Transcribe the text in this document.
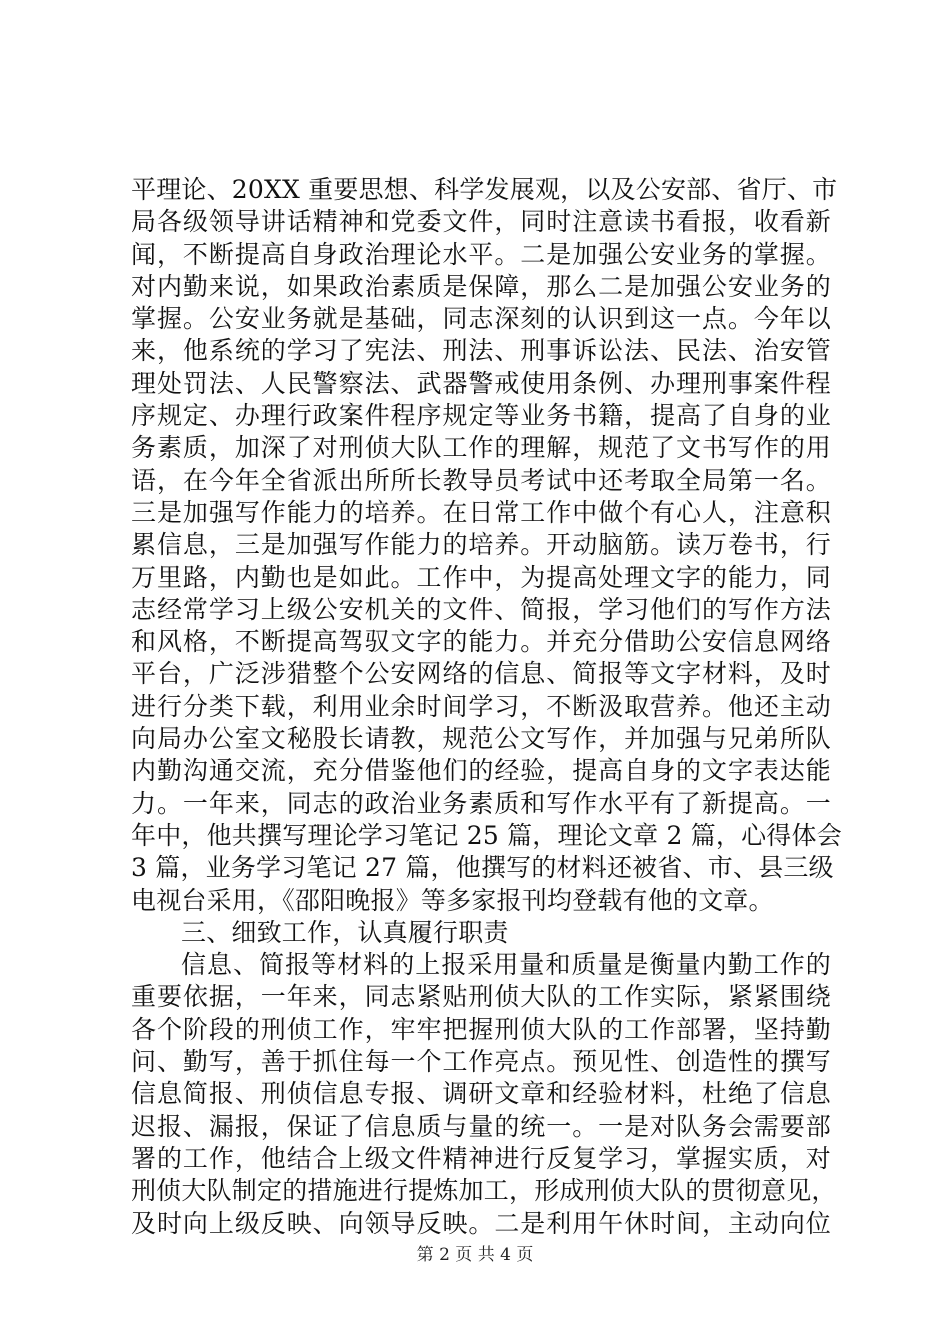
平理论、20XX 重要思想、科学发展观，以及公安部、省厅、市
局各级领导讲话精神和党委文件，同时注意读书看报，收看新
闻，不断提高自身政治理论水平。二是加强公安业务的掌握。
对内勤来说，如果政治素质是保障，那么二是加强公安业务的
掌握。公安业务就是基础，同志深刻的认识到这一点。今年以
来，他系统的学习了宪法、刑法、刑事诉讼法、民法、治安管
理处罚法、人民警察法、武器警戒使用条例、办理刑事案件程
序规定、办理行政案件程序规定等业务书籍，提高了自身的业
务素质，加深了对刑侦大队工作的理解，规范了文书写作的用
语，在今年全省派出所所长教导员考试中还考取全局第一名。
三是加强写作能力的培养。在日常工作中做个有心人，注意积
累信息，三是加强写作能力的培养。开动脑筋。读万卷书，行
万里路，内勤也是如此。工作中，为提高处理文字的能力，同
志经常学习上级公安机关的文件、简报，学习他们的写作方法
和风格，不断提高驾驭文字的能力。并充分借助公安信息网络
平台，广泛涉猎整个公安网络的信息、简报等文字材料，及时
进行分类下载，利用业余时间学习，不断汲取营养。他还主动
向局办公室文秘股长请教，规范公文写作，并加强与兄弟所队
内勤沟通交流，充分借鉴他们的经验，提高自身的文字表达能
力。一年来，同志的政治业务素质和写作水平有了新提高。一
年中，他共撰写理论学习笔记 25 篇，理论文章 2 篇，心得体会
3 篇，业务学习笔记 27 篇，他撰写的材料还被省、市、县三级
电视台采用，《邵阳晚报》等多家报刊均登载有他的文章。
三、细致工作，认真履行职责
信息、简报等材料的上报采用量和质量是衡量内勤工作的
重要依据，一年来，同志紧贴刑侦大队的工作实际，紧紧围绕
各个阶段的刑侦工作，牢牢把握刑侦大队的工作部署，坚持勤
问、勤写，善于抓住每一个工作亮点。预见性、创造性的撰写
信息简报、刑侦信息专报、调研文章和经验材料，杜绝了信息
迟报、漏报，保证了信息质与量的统一。一是对队务会需要部
署的工作，他结合上级文件精神进行反复学习，掌握实质，对
刑侦大队制定的措施进行提炼加工，形成刑侦大队的贯彻意见，
及时向上级反映、向领导反映。二是利用午休时间，主动向位
第 2 页 共 4 页
